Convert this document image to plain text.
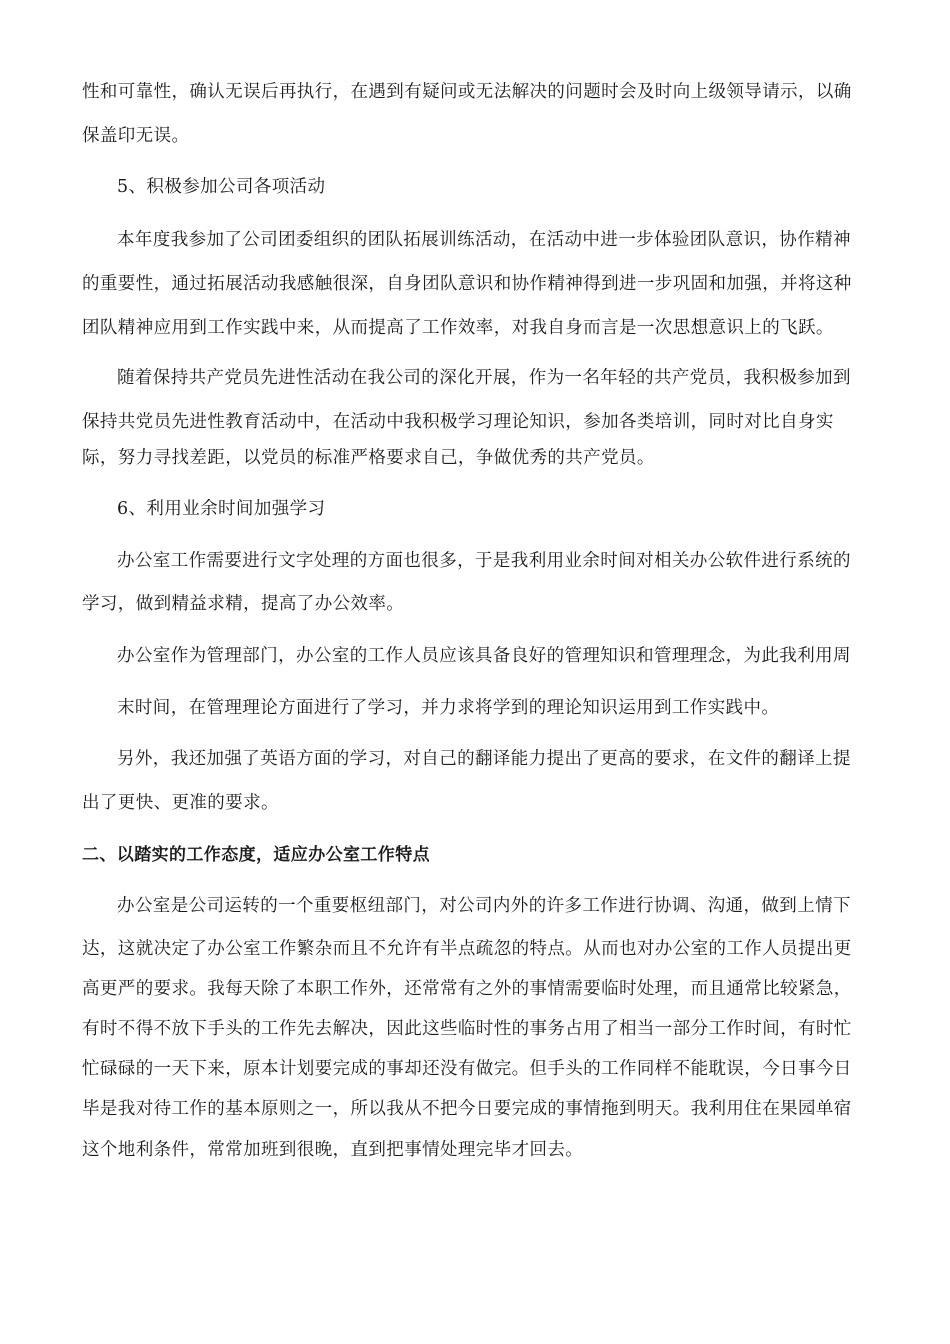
性和可靠性，确认无误后再执行，在遇到有疑问或无法解决的问题时会及时向上级领导请示，以确
保盖印无误。
5、积极参加公司各项活动
本年度我参加了公司团委组织的团队拓展训练活动，在活动中进一步体验团队意识，协作精神
的重要性，通过拓展活动我感触很深，自身团队意识和协作精神得到进一步巩固和加强，并将这种
团队精神应用到工作实践中来，从而提高了工作效率，对我自身而言是一次思想意识上的飞跃。
随着保持共产党员先进性活动在我公司的深化开展，作为一名年轻的共产党员，我积极参加到
保持共党员先进性教育活动中，在活动中我积极学习理论知识，参加各类培训，同时对比自身实
际，努力寻找差距，以党员的标准严格要求自己，争做优秀的共产党员。
6、利用业余时间加强学习
办公室工作需要进行文字处理的方面也很多，于是我利用业余时间对相关办公软件进行系统的
学习，做到精益求精，提高了办公效率。
办公室作为管理部门，办公室的工作人员应该具备良好的管理知识和管理理念，为此我利用周
末时间，在管理理论方面进行了学习，并力求将学到的理论知识运用到工作实践中。
另外，我还加强了英语方面的学习，对自己的翻译能力提出了更高的要求，在文件的翻译上提
出了更快、更准的要求。
二、以踏实的工作态度，适应办公室工作特点
办公室是公司运转的一个重要枢纽部门，对公司内外的许多工作进行协调、沟通，做到上情下
达，这就决定了办公室工作繁杂而且不允许有半点疏忽的特点。从而也对办公室的工作人员提出更
高更严的要求。我每天除了本职工作外，还常常有之外的事情需要临时处理，而且通常比较紧急，
有时不得不放下手头的工作先去解决，因此这些临时性的事务占用了相当一部分工作时间，有时忙
忙碌碌的一天下来，原本计划要完成的事却还没有做完。但手头的工作同样不能耽误，今日事今日
毕是我对待工作的基本原则之一，所以我从不把今日要完成的事情拖到明天。我利用住在果园单宿
这个地利条件，常常加班到很晚，直到把事情处理完毕才回去。
